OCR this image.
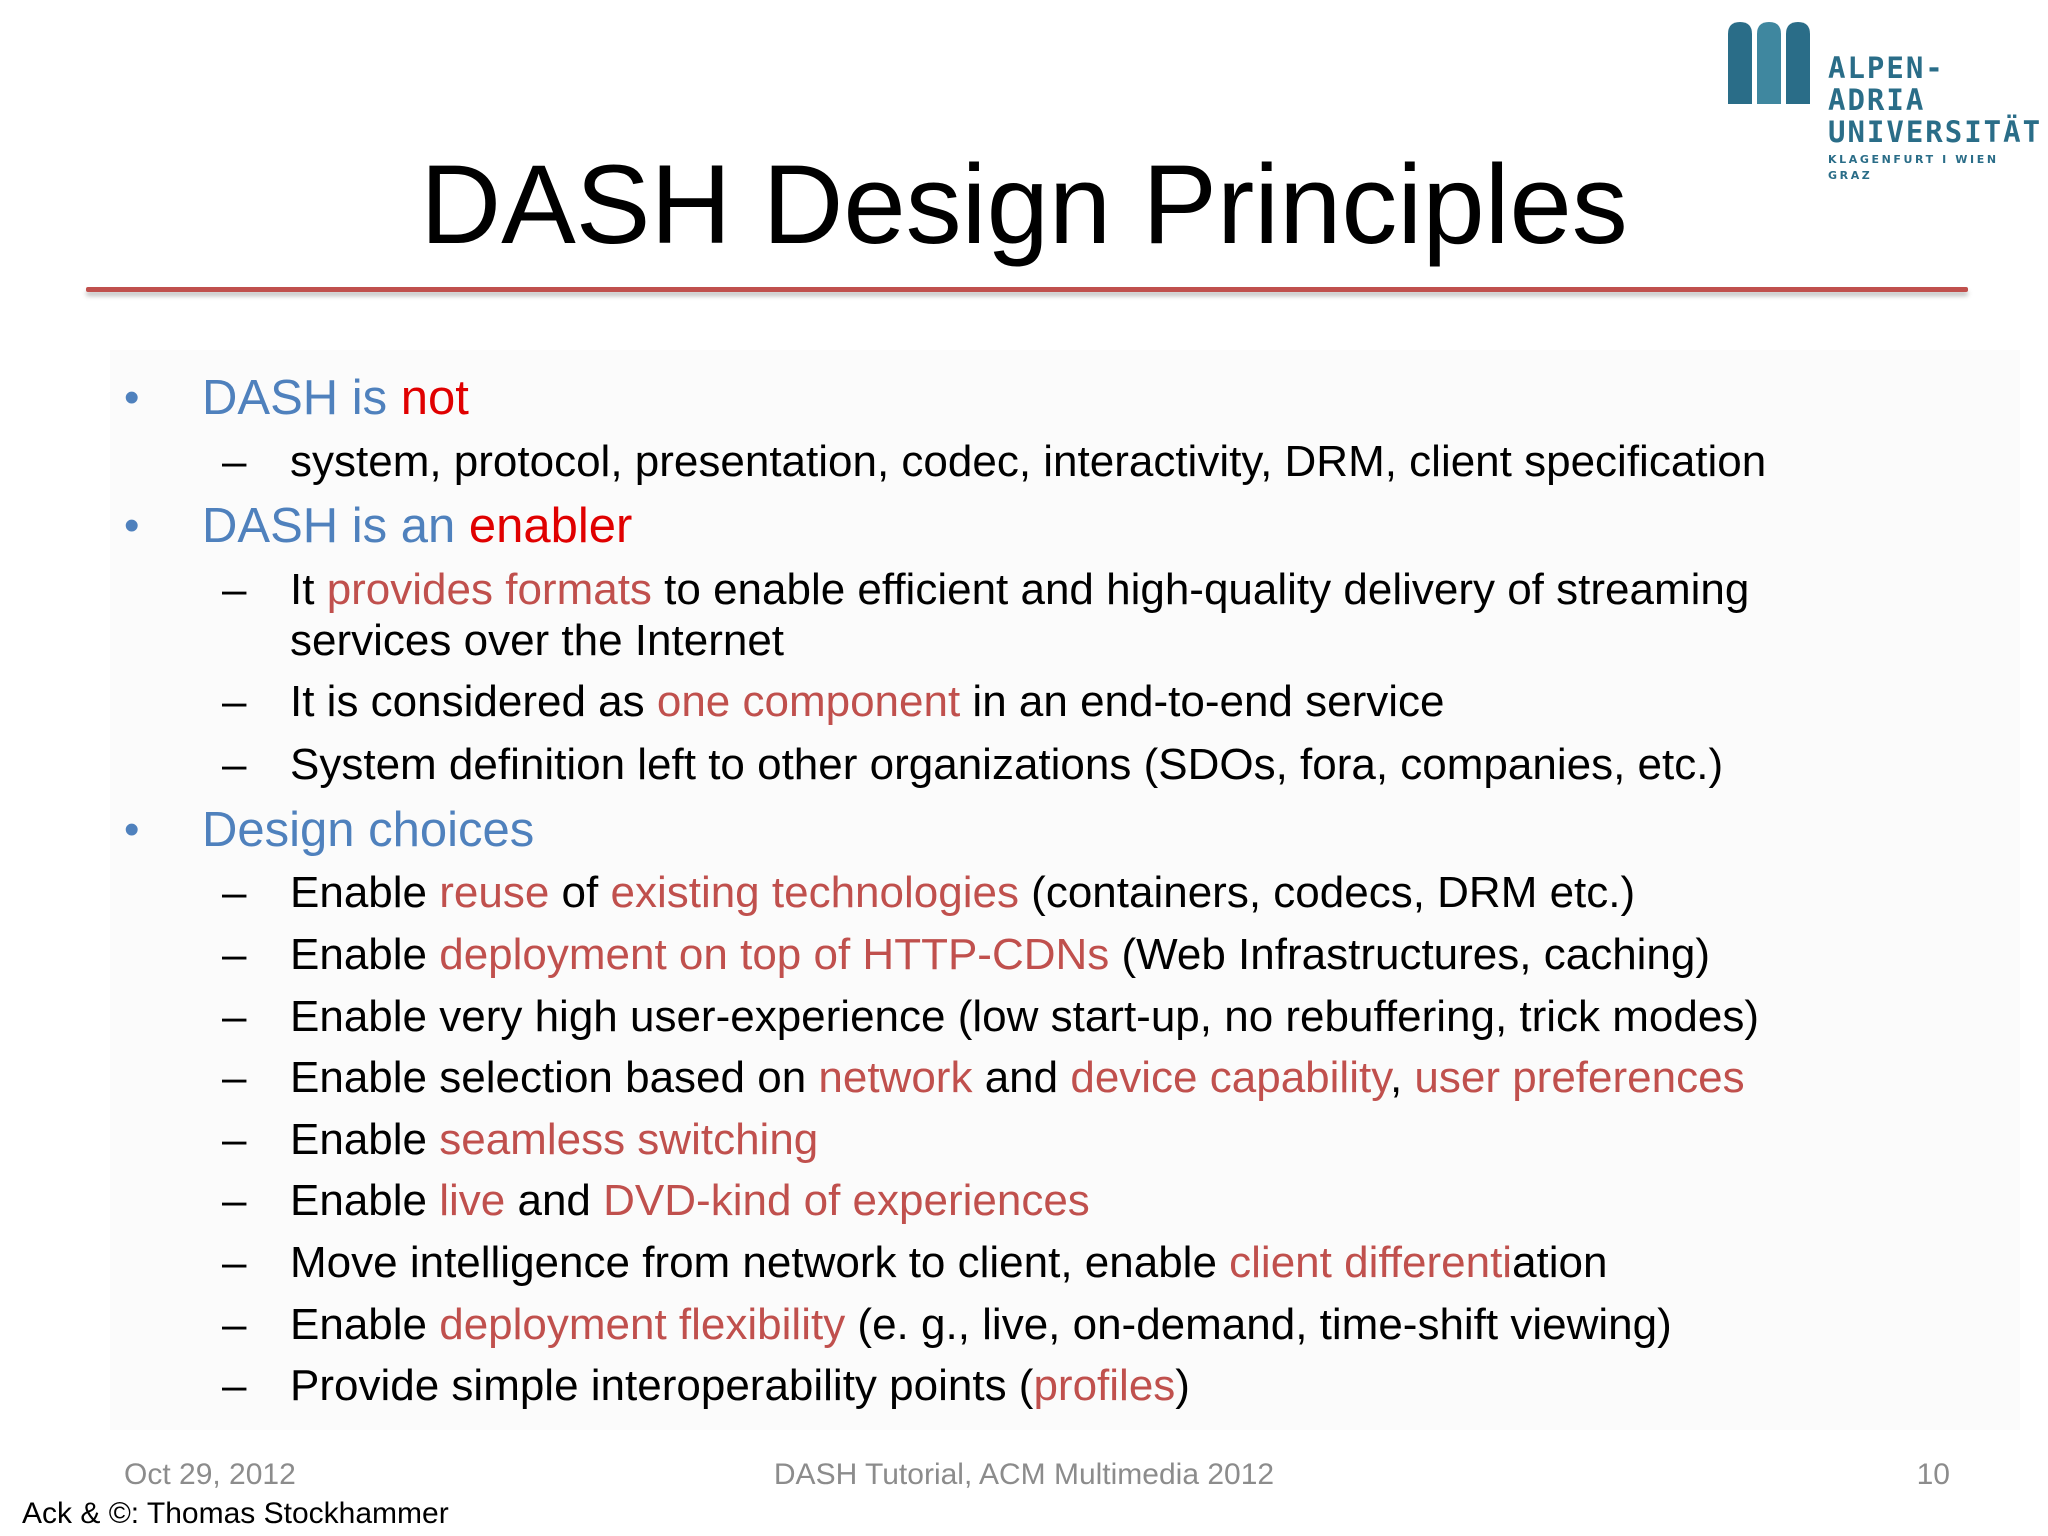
ALPEN-ADRIA
UNIVERSITÄT
KLAGENFURT I WIEN GRAZ
DASH Design Principles
• DASH is not
– system, protocol, presentation, codec, interactivity, DRM, client specification
• DASH is an enabler
– It provides formats to enable efficient and high-quality delivery of streaming
services over the Internet
– It is considered as one component in an end-to-end service
– System definition left to other organizations (SDOs, fora, companies, etc.)
• Design choices
– Enable reuse of existing technologies (containers, codecs, DRM etc.)
– Enable deployment on top of HTTP-CDNs (Web Infrastructures, caching)
– Enable very high user-experience (low start-up, no rebuffering, trick modes)
– Enable selection based on network and device capability, user preferences
– Enable seamless switching
– Enable live and DVD-kind of experiences
– Move intelligence from network to client, enable client differentiation
– Enable deployment flexibility (e. g., live, on-demand, time-shift viewing)
– Provide simple interoperability points (profiles)
Oct 29, 2012	DASH Tutorial, ACM Multimedia 2012	10
Ack & ©: Thomas Stockhammer
